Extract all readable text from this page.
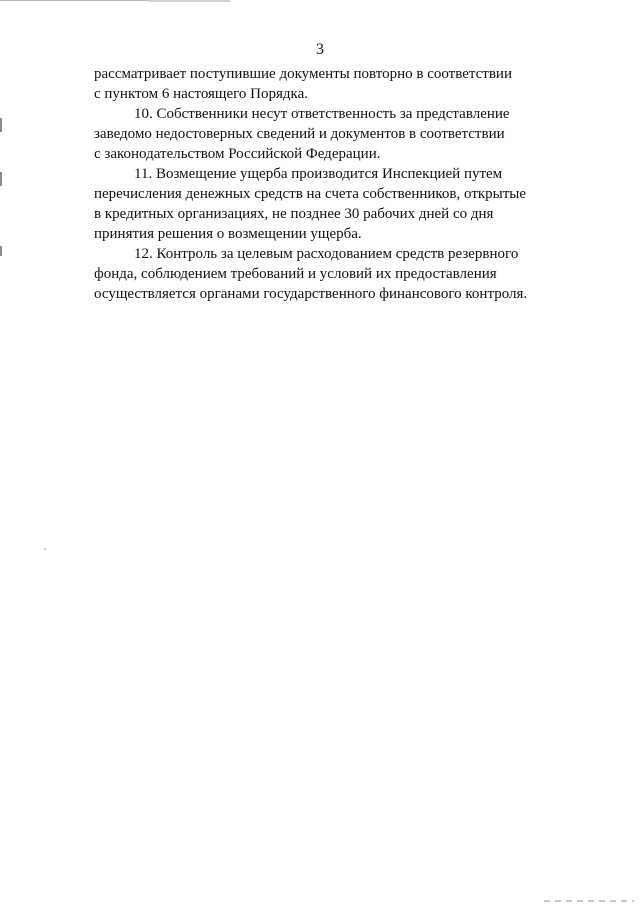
3

рассматривает поступившие документы повторно в соответствии
с пунктом 6 настоящего Порядка.

10. Собственники несут ответственность за представление
заведомо недостоверных сведений и документов в соответствии
с законодательством Российской Федерации.

11. Возмещение ущерба производится Инспекцией путем
перечисления денежных средств на счета собственников, открытые
в кредитных организациях, не позднее 30 рабочих дней со дня
принятия решения о возмещении ущерба.

12. Контроль за целевым расходованием средств резервного
фонда, соблюдением требований и условий их предоставления
осуществляется органами государственного финансового контроля.
